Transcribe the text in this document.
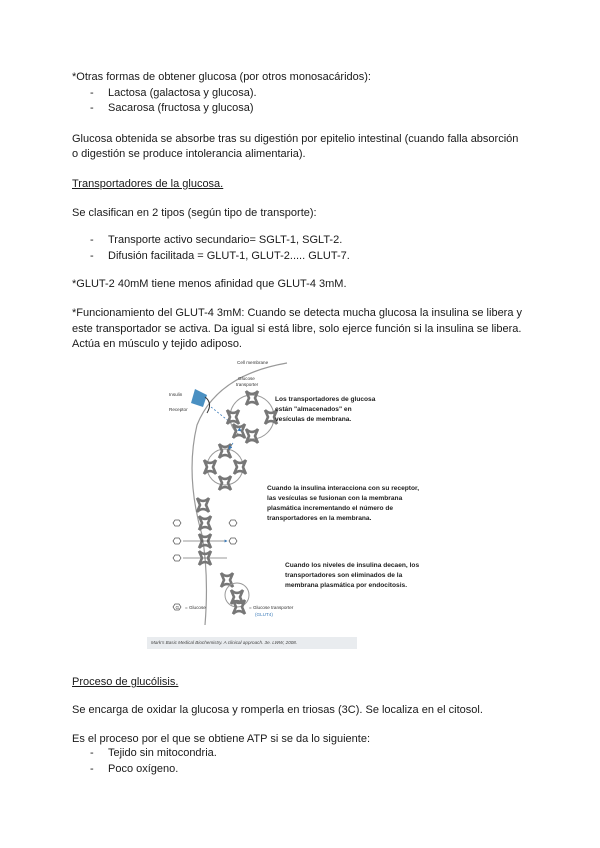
*Otras formas de obtener glucosa (por otros monosacáridos):

- Lactosa (galactosa y glucosa).
- Sacarosa (fructosa y glucosa)

Glucosa obtenida se absorbe tras su digestión por epitelio intestinal (cuando falla absorción

o digestión se produce intolerancia alimentaria).

Transportadores de la glucosa.

Se clasifican en 2 tipos (según tipo de transporte):

- Transporte activo secundario= SGLT-1, SGLT-2.
- Difusión facilitada = GLUT-1, GLUT-2..... GLUT-7.

*GLUT-2 40mM tiene menos afinidad que GLUT-4 3mM.

*Funcionamiento del GLUT-4 3mM: Cuando se detecta mucha glucosa la insulina se libera y

este transportador se activa. Da igual si está libre, solo ejerce función si la insulina se libera.

Actúa en músculo y tejido adiposo.

Cell membrane
Insulin
Receptor
Glucose
transporter
Los transportadores de glucosa
están "almacenados" en
vesículas de membrana.
Cuando la insulina interacciona con su receptor,
las vesículas se fusionan con la membrana
plasmática incrementando el número de
transportadores en la membrana.
Cuando los niveles de insulina decaen, los
transportadores son eliminados de la
membrana plasmática por endocitosis.
G = Glucose	= Glucose transporter
(GLUT4)
Mark's Basic Medical Biochemistry. A clinical approach. 3e. LWW, 2008.

Proceso de glucólisis.

Se encarga de oxidar la glucosa y romperla en triosas (3C). Se localiza en el citosol.

Es el proceso por el que se obtiene ATP si se da lo siguiente:

- Tejido sin mitocondria.
- Poco oxígeno.
